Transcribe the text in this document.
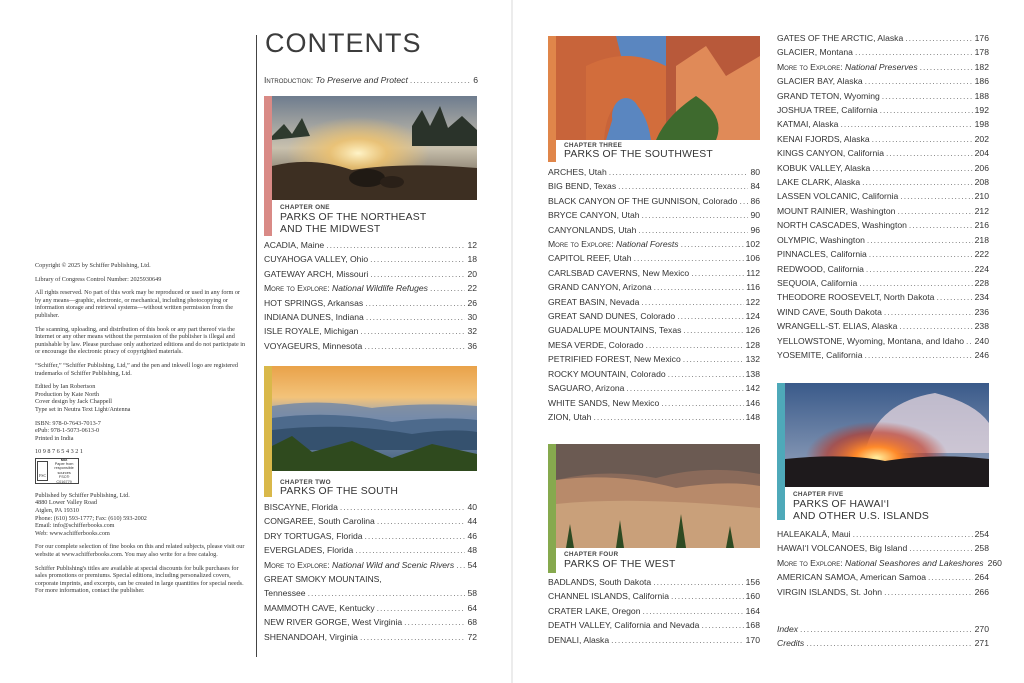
Copyright © 2025 by Schiffer Publishing, Ltd.

Library of Congress Control Number: 2025930649

All rights reserved. No part of this work may be reproduced or used in any form or by any means—graphic, electronic, or mechanical, including photocopying or information storage and retrieval systems—without written permission from the publisher.

The scanning, uploading, and distribution of this book or any part thereof via the Internet or any other means without the permission of the publisher is illegal and punishable by law. Please purchase only authorized editions and do not participate in or encourage the electronic piracy of copyrighted materials.

“Schiffer,” “Schiffer Publishing, Ltd,” and the pen and inkwell logo are registered trademarks of Schiffer Publishing, Ltd.

Edited by Ian Robertson
Production by Kate North
Cover design by Jack Chappell
Type set in Neutra Text Light/Antenna

ISBN: 978-0-7643-7013-7
ePub: 978-1-5073-0613-0
Printed in India

10 9 8 7 6 5 4 3 2 1

FSC
MIX
Paper from
responsible sources
FSC® C016779

Published by Schiffer Publishing, Ltd.
4880 Lower Valley Road
Atglen, PA 19310
Phone: (610) 593-1777; Fax: (610) 593-2002
Email: info@schifferbooks.com
Web: www.schifferbooks.com

For our complete selection of fine books on this and related subjects, please visit our website at www.schifferbooks.com. You may also write for a free catalog.

Schiffer Publishing's titles are available at special discounts for bulk purchases for sales promotions or premiums. Special editions, including personalized covers, corporate imprints, and excerpts, can be created in large quantities for special needs. For more information, contact the publisher.

CONTENTS
Introduction: To Preserve and Protect .....	6
CHAPTER ONE
PARKS OF THE NORTHEAST
AND THE MIDWEST
ACADIA, Maine .....	12
CUYAHOGA VALLEY, Ohio .....	18
GATEWAY ARCH, Missouri .....	20
More to Explore: National Wildlife Refuges .....	22
HOT SPRINGS, Arkansas .....	26
INDIANA DUNES, Indiana .....	30
ISLE ROYALE, Michigan .....	32
VOYAGEURS, Minnesota .....	36
CHAPTER TWO
PARKS OF THE SOUTH
BISCAYNE, Florida .....	40
CONGAREE, South Carolina .....	44
DRY TORTUGAS, Florida .....	46
EVERGLADES, Florida .....	48
More to Explore: National Wild and Scenic Rivers ..... 54
GREAT SMOKY MOUNTAINS,
Tennessee .....	58
MAMMOTH CAVE, Kentucky .....	64
NEW RIVER GORGE, West Virginia .....	68
SHENANDOAH, Virginia .....	72
CHAPTER THREE
PARKS OF THE SOUTHWEST
ARCHES, Utah .....	80
BIG BEND, Texas .....	84
BLACK CANYON OF THE GUNNISON, Colorado ..... 86
BRYCE CANYON, Utah .....	90
CANYONLANDS, Utah .....	96
More to Explore: National Forests .....	102
CAPITOL REEF, Utah .....	106
CARLSBAD CAVERNS, New Mexico .....	112
GRAND CANYON, Arizona .....	116
GREAT BASIN, Nevada .....	122
GREAT SAND DUNES, Colorado .....	124
GUADALUPE MOUNTAINS, Texas .....	126
MESA VERDE, Colorado .....	128
PETRIFIED FOREST, New Mexico .....	132
ROCKY MOUNTAIN, Colorado .....	138
SAGUARO, Arizona .....	142
WHITE SANDS, New Mexico .....	146
ZION, Utah .....	148
CHAPTER FOUR
PARKS OF THE WEST
BADLANDS, South Dakota .....	156
CHANNEL ISLANDS, California .....	160
CRATER LAKE, Oregon .....	164
DEATH VALLEY, California and Nevada .....	168
DENALI, Alaska .....	170
CHAPTER FIVE
PARKS OF HAWAI‘I
AND OTHER U.S. ISLANDS
HALEAKALĀ, Maui .....	254
HAWAI‘I VOLCANOES, Big Island .....	258
More to Explore: National Seashores and Lakeshores 260
AMERICAN SAMOA, American Samoa .....	264
VIRGIN ISLANDS, St. John .....	266
GATES OF THE ARCTIC, Alaska .....	176
GLACIER, Montana .....	178
More to Explore: National Preserves .....	182
GLACIER BAY, Alaska .....	186
GRAND TETON, Wyoming .....	188
JOSHUA TREE, California .....	192
KATMAI, Alaska .....	198
KENAI FJORDS, Alaska .....	202
KINGS CANYON, California .....	204
KOBUK VALLEY, Alaska .....	206
LAKE CLARK, Alaska .....	208
LASSEN VOLCANIC, California .....	210
MOUNT RAINIER, Washington .....	212
NORTH CASCADES, Washington .....	216
OLYMPIC, Washington .....	218
PINNACLES, California .....	222
REDWOOD, California .....	224
SEQUOIA, California .....	228
THEODORE ROOSEVELT, North Dakota .....	234
WIND CAVE, South Dakota .....	236
WRANGELL-ST. ELIAS, Alaska .....	238
YELLOWSTONE, Wyoming, Montana, and Idaho ..... 240
YOSEMITE, California .....	246
Index .....	270
Credits .....	271
